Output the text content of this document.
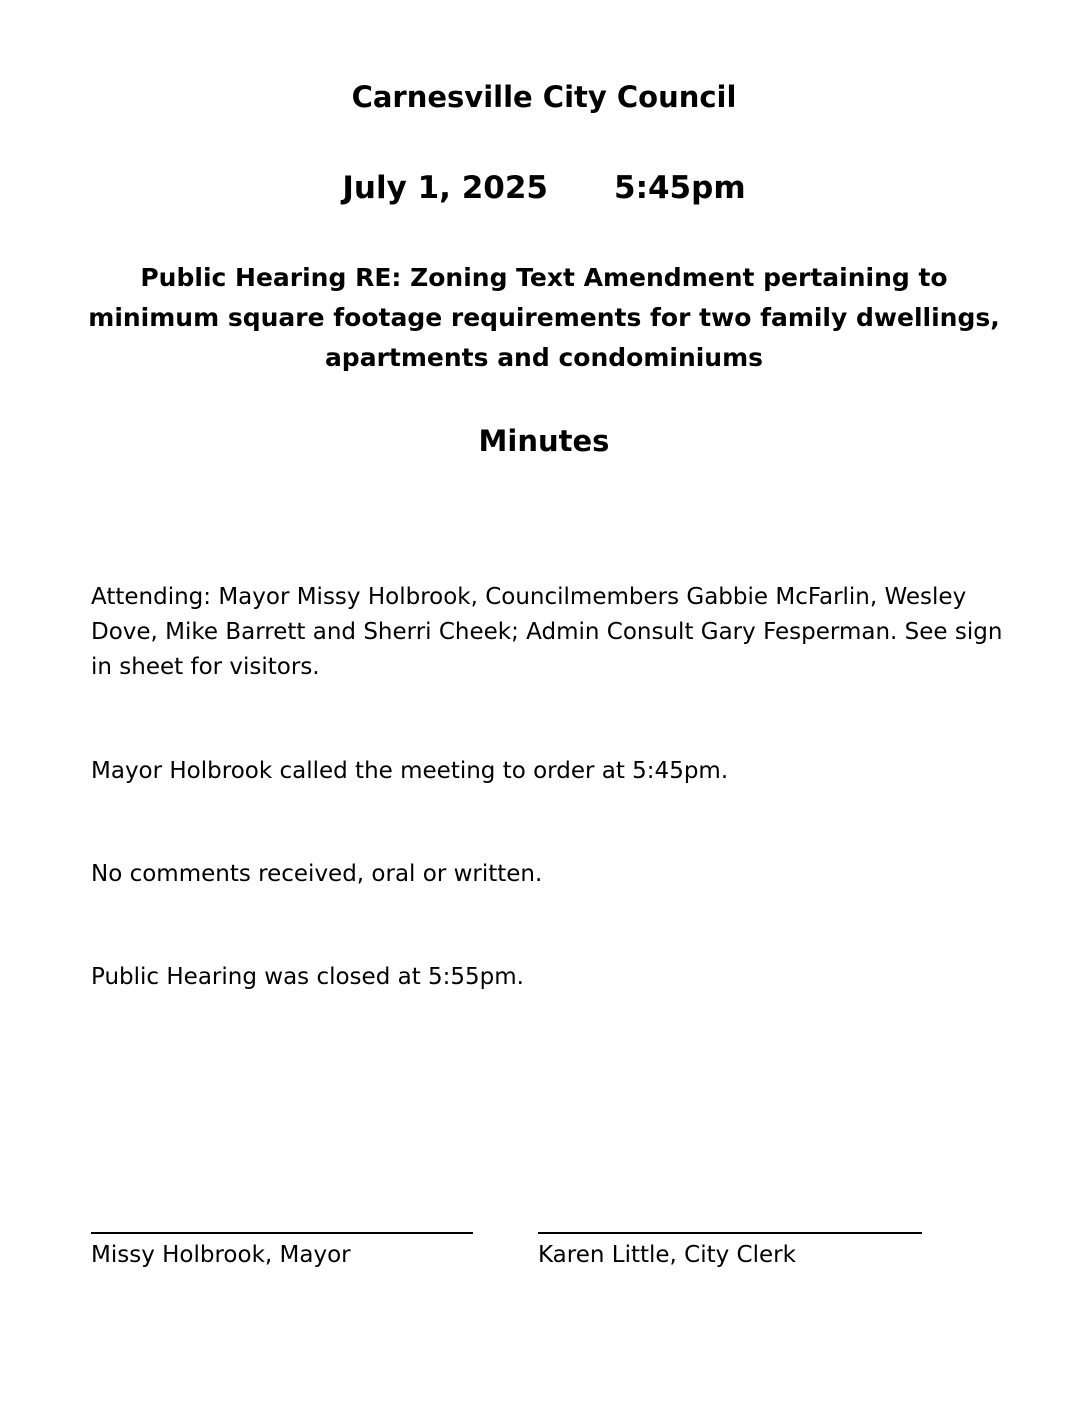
Carnesville City Council
July 1, 2025 5:45pm
Public Hearing RE: Zoning Text Amendment pertaining to
minimum square footage requirements for two family dwellings,
apartments and condominiums
Minutes
Attending: Mayor Missy Holbrook, Councilmembers Gabbie McFarlin, Wesley
Dove, Mike Barrett and Sherri Cheek; Admin Consult Gary Fesperman. See sign
in sheet for visitors.
Mayor Holbrook called the meeting to order at 5:45pm.
No comments received, oral or written.
Public Hearing was closed at 5:55pm.
Missy Holbrook, Mayor	Karen Little, City Clerk
